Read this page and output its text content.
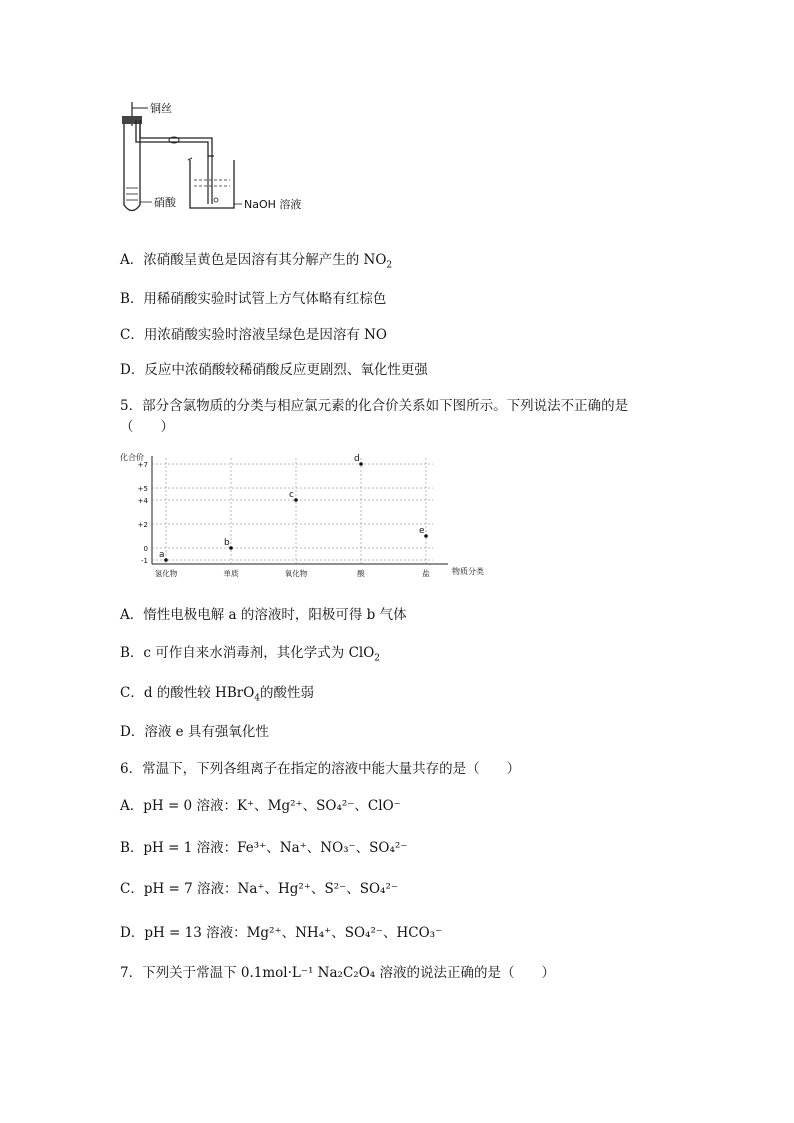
铜丝
硝酸	NaOH 溶液
A．浓硝酸呈黄色是因溶有其分解产生的 $NO_2$
B．用稀硝酸实验时试管上方气体略有红棕色
C．用浓硝酸实验时溶液呈绿色是因溶有 NO
D．反应中浓硝酸较稀硝酸反应更剧烈、氧化性更强
5．部分含氯物质的分类与相应氯元素的化合价关系如下图所示。下列说法不正确的是
（　　）
化合价
物质分类
+7
+5
+4
+2
0
-1
氢化物	单质	氧化物	酸	盐
a
b
c
d
e
A．惰性电极电解 a 的溶液时，阳极可得 b 气体
B．c 可作自来水消毒剂，其化学式为 ClO$_2$
C．d 的酸性较 HBrO$_4$的酸性弱
D．溶液 e 具有强氧化性
6．常温下，下列各组离子在指定的溶液中能大量共存的是（　　）
A．pH = 0 溶液：K⁺、Mg²⁺、SO₄²⁻、ClO⁻
B．pH = 1 溶液：Fe³⁺、Na⁺、NO₃⁻、SO₄²⁻
C．pH = 7 溶液：Na⁺、Hg²⁺、S²⁻、SO₄²⁻
D．pH = 13 溶液：Mg²⁺、NH₄⁺、SO₄²⁻、HCO₃⁻
7．下列关于常温下 0.1mol·L⁻¹ Na₂C₂O₄ 溶液的说法正确的是（　　）
